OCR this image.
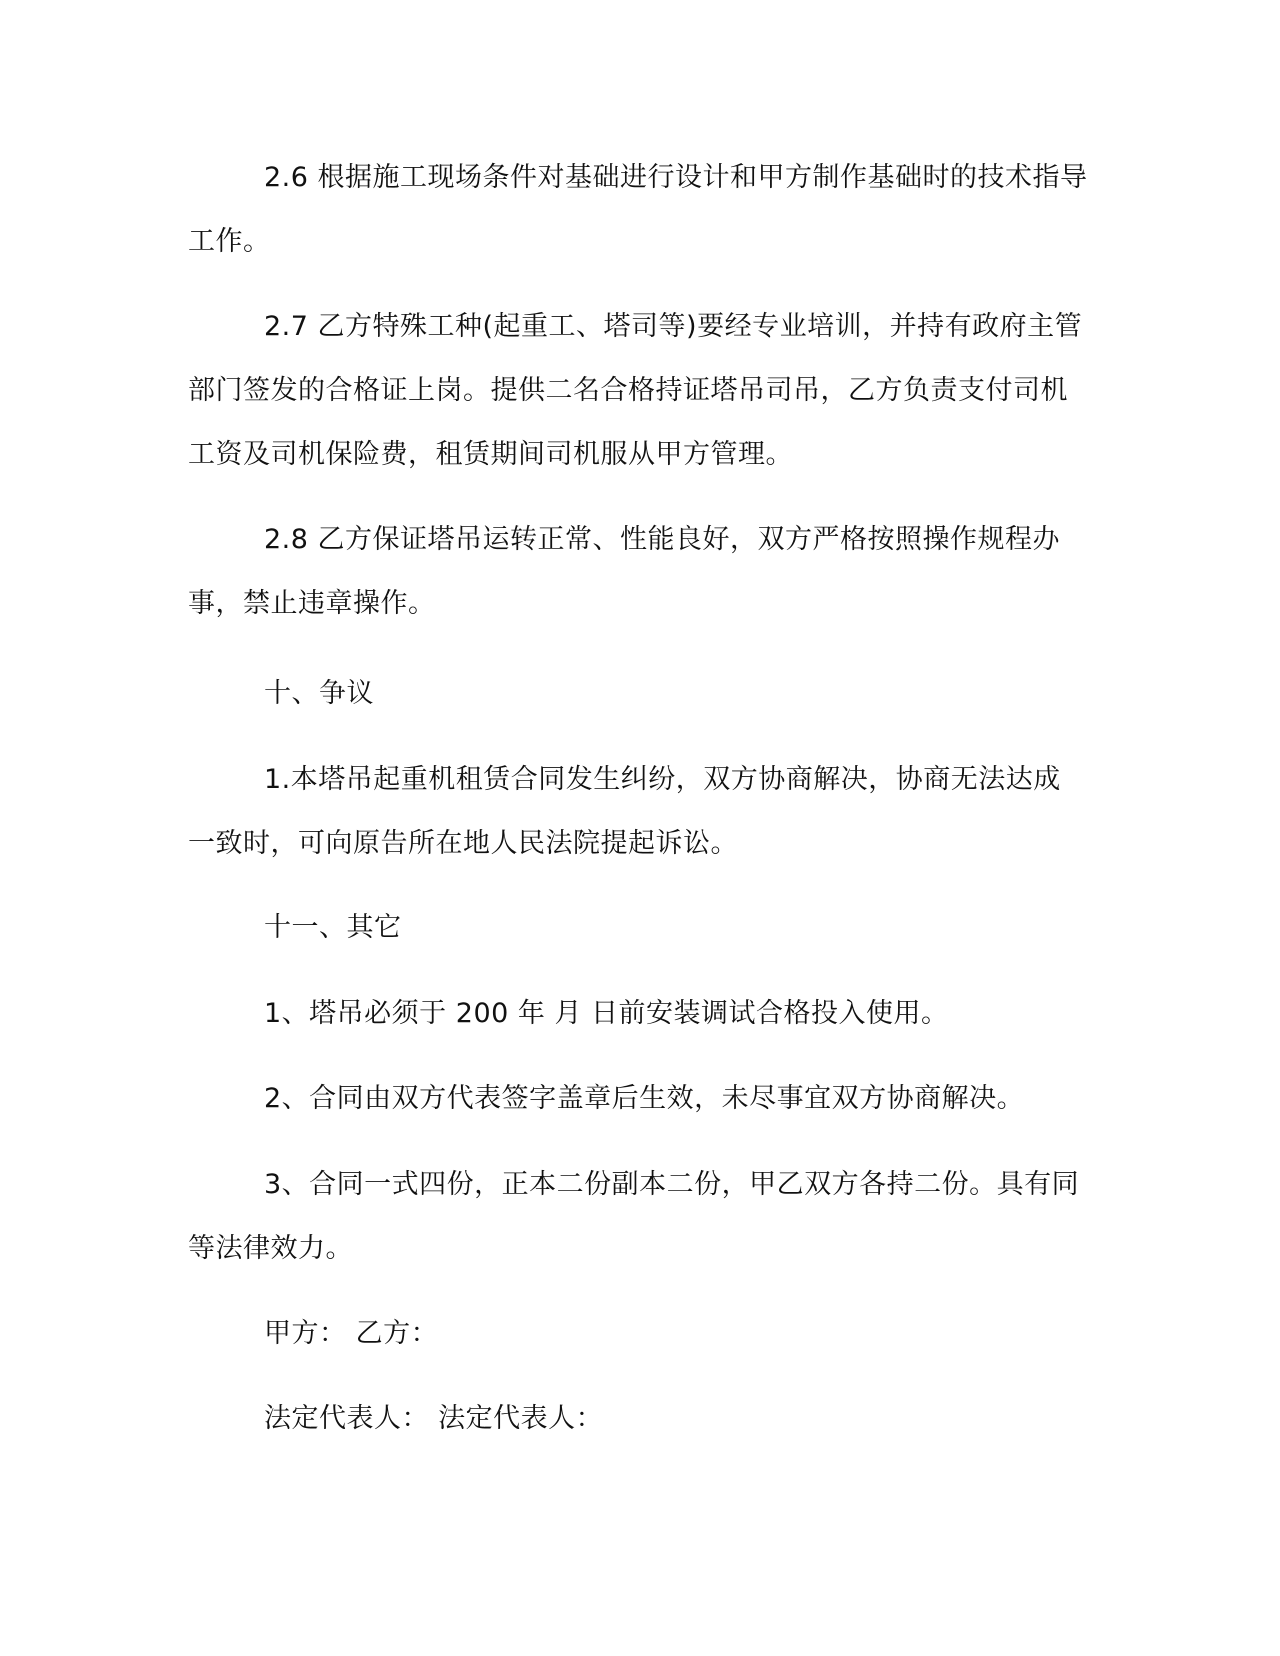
2.6 根据施工现场条件对基础进行设计和甲方制作基础时的技术指导工作。

2.7 乙方特殊工种(起重工、塔司等)要经专业培训，并持有政府主管部门签发的合格证上岗。提供二名合格持证塔吊司吊，乙方负责支付司机工资及司机保险费，租赁期间司机服从甲方管理。

2.8 乙方保证塔吊运转正常、性能良好，双方严格按照操作规程办事，禁止违章操作。

十、争议

1.本塔吊起重机租赁合同发生纠纷，双方协商解决，协商无法达成一致时，可向原告所在地人民法院提起诉讼。

十一、其它

1、塔吊必须于 200 年 月 日前安装调试合格投入使用。

2、合同由双方代表签字盖章后生效，未尽事宜双方协商解决。

3、合同一式四份，正本二份副本二份，甲乙双方各持二份。具有同等法律效力。

甲方： 乙方：

法定代表人： 法定代表人：
